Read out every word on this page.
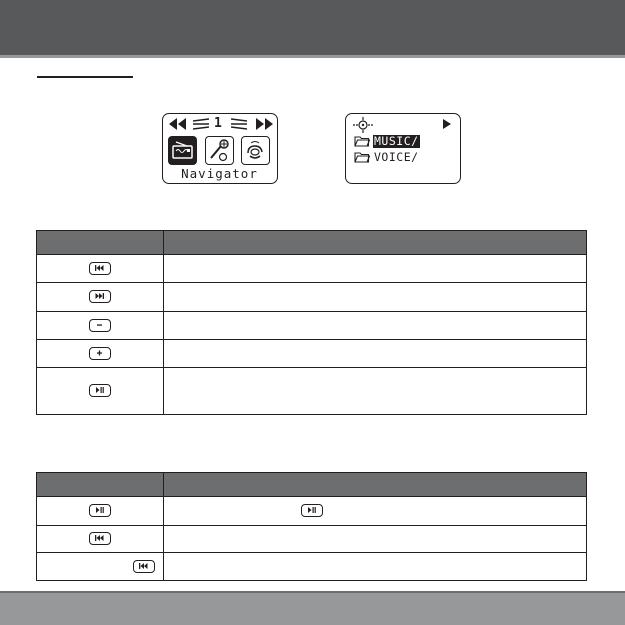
1
Navigator
MUSIC/
VOICE/
